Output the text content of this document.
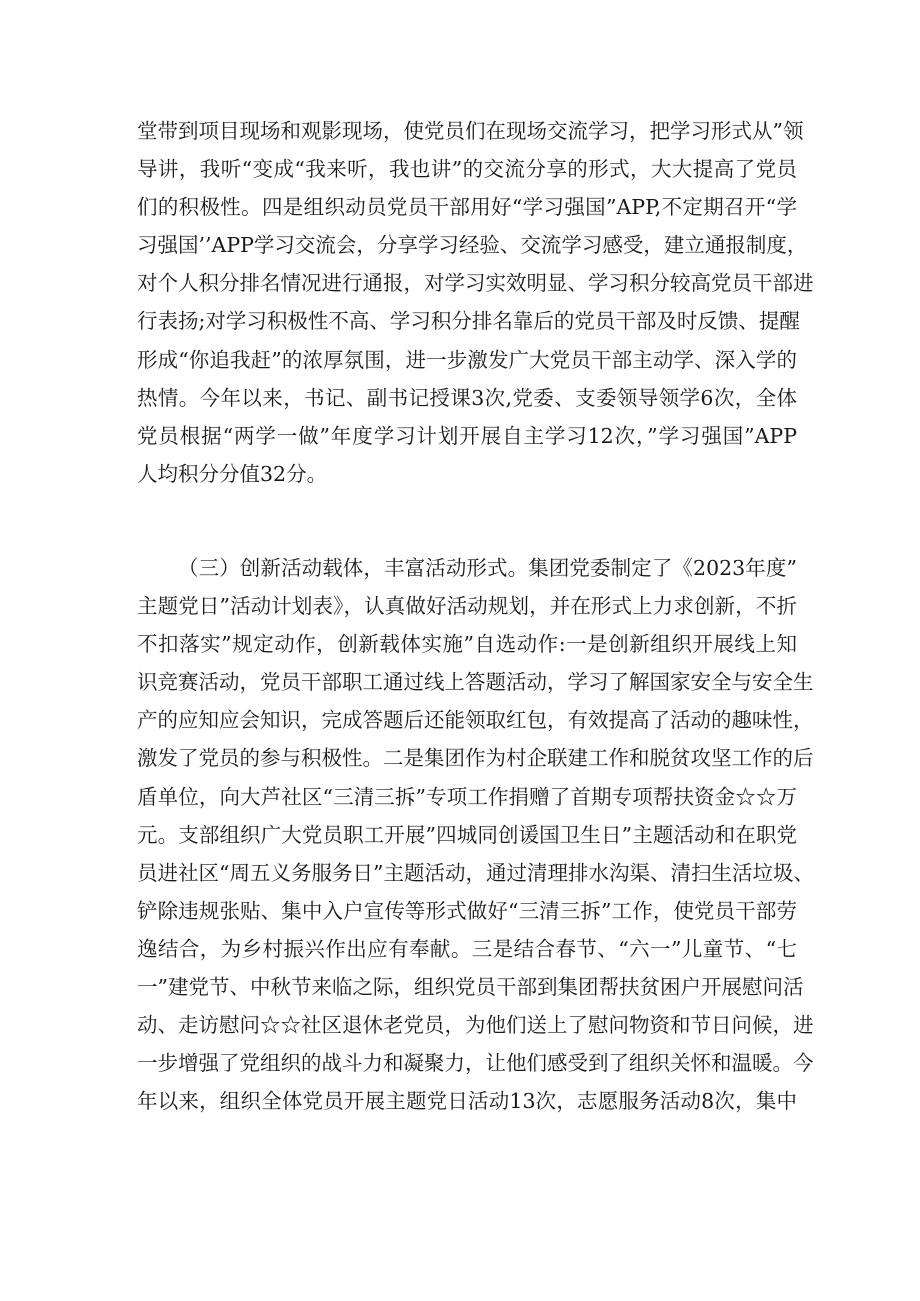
堂带到项目现场和观影现场，使党员们在现场交流学习，把学习形式从”领
导讲，我听“变成“我来听，我也讲”的交流分享的形式，大大提高了党员
们的积极性。四是组织动员党员干部用好“学习强国”APP,不定期召开“学
习强国’’APP学习交流会，分享学习经验、交流学习感受，建立通报制度，
对个人积分排名情况进行通报，对学习实效明显、学习积分较高党员干部进
行表扬;对学习积极性不高、学习积分排名靠后的党员干部及时反馈、提醒
形成“你追我赶”的浓厚氛围，进一步激发广大党员干部主动学、深入学的
热情。今年以来，书记、副书记授课3次,党委、支委领导领学6次，全体
党员根据“两学一做”年度学习计划开展自主学习12次，”学习强国”APP
人均积分分值32分。
（三）创新活动载体，丰富活动形式。集团党委制定了《2023年度”
主题党日”活动计划表》，认真做好活动规划，并在形式上力求创新，不折
不扣落实”规定动作，创新载体实施”自选动作:一是创新组织开展线上知
识竞赛活动，党员干部职工通过线上答题活动，学习了解国家安全与安全生
产的应知应会知识，完成答题后还能领取红包，有效提高了活动的趣味性，
激发了党员的参与积极性。二是集团作为村企联建工作和脱贫攻坚工作的后
盾单位，向大芦社区“三清三拆”专项工作捐赠了首期专项帮扶资金☆☆万
元。支部组织广大党员职工开展”四城同创谖国卫生日”主题活动和在职党
员进社区“周五义务服务日”主题活动，通过清理排水沟渠、清扫生活垃圾、
铲除违规张贴、集中入户宣传等形式做好“三清三拆”工作，使党员干部劳
逸结合，为乡村振兴作出应有奉献。三是结合春节、“六一”儿童节、“七
一”建党节、中秋节来临之际，组织党员干部到集团帮扶贫困户开展慰问活
动、走访慰问☆☆社区退休老党员，为他们送上了慰问物资和节日问候，进
一步增强了党组织的战斗力和凝聚力，让他们感受到了组织关怀和温暖。今
年以来，组织全体党员开展主题党日活动13次，志愿服务活动8次，集中
